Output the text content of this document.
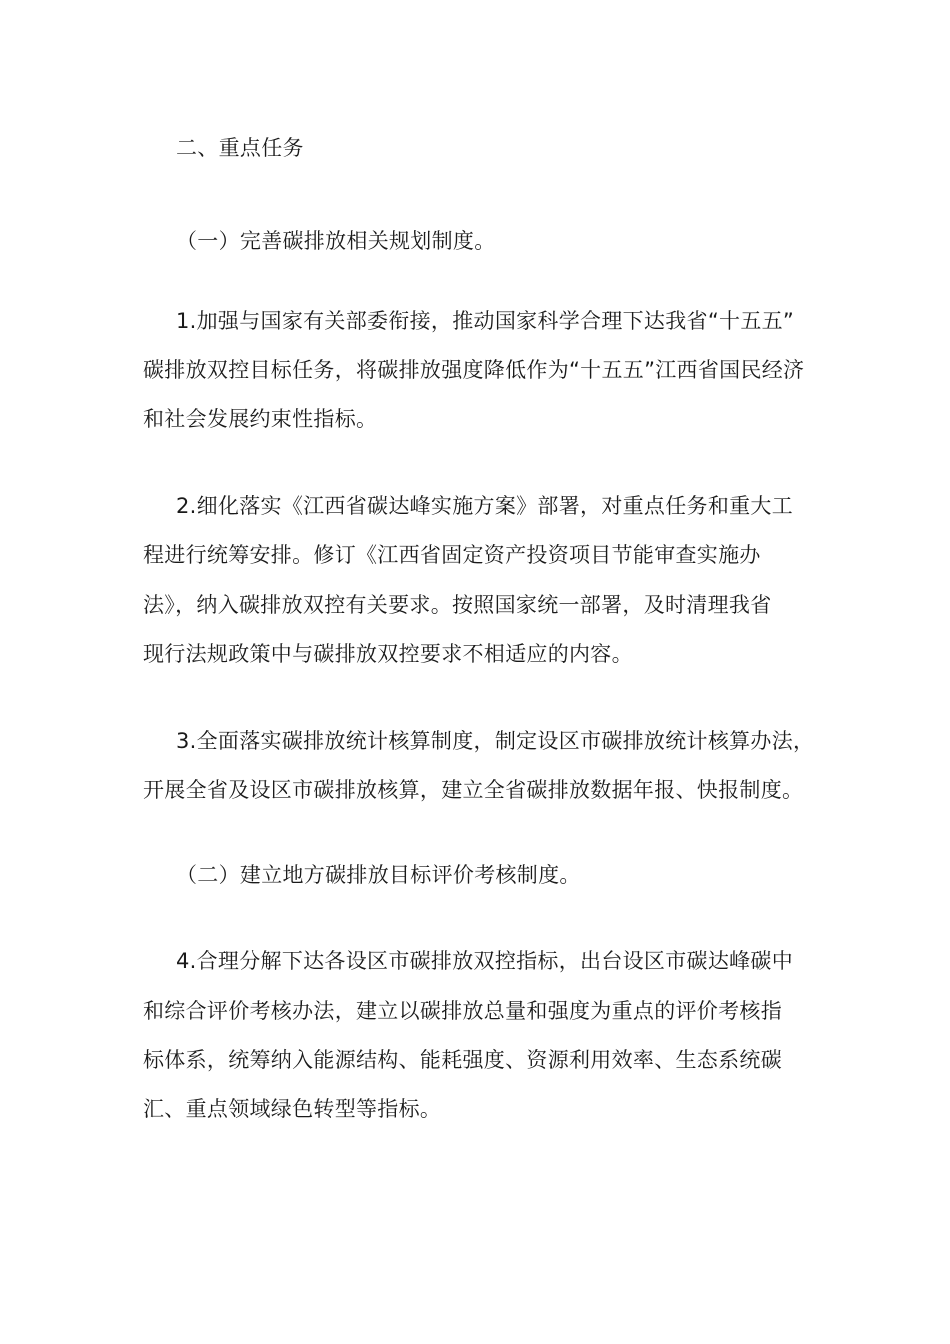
二、重点任务
（一）完善碳排放相关规划制度。
1.加强与国家有关部委衔接，推动国家科学合理下达我省“十五五”
碳排放双控目标任务，将碳排放强度降低作为“十五五”江西省国民经济
和社会发展约束性指标。
2.细化落实《江西省碳达峰实施方案》部署，对重点任务和重大工
程进行统筹安排。修订《江西省固定资产投资项目节能审查实施办
法》，纳入碳排放双控有关要求。按照国家统一部署，及时清理我省
现行法规政策中与碳排放双控要求不相适应的内容。
3.全面落实碳排放统计核算制度，制定设区市碳排放统计核算办法，
开展全省及设区市碳排放核算，建立全省碳排放数据年报、快报制度。
（二）建立地方碳排放目标评价考核制度。
4.合理分解下达各设区市碳排放双控指标，出台设区市碳达峰碳中
和综合评价考核办法，建立以碳排放总量和强度为重点的评价考核指
标体系，统筹纳入能源结构、能耗强度、资源利用效率、生态系统碳
汇、重点领域绿色转型等指标。
